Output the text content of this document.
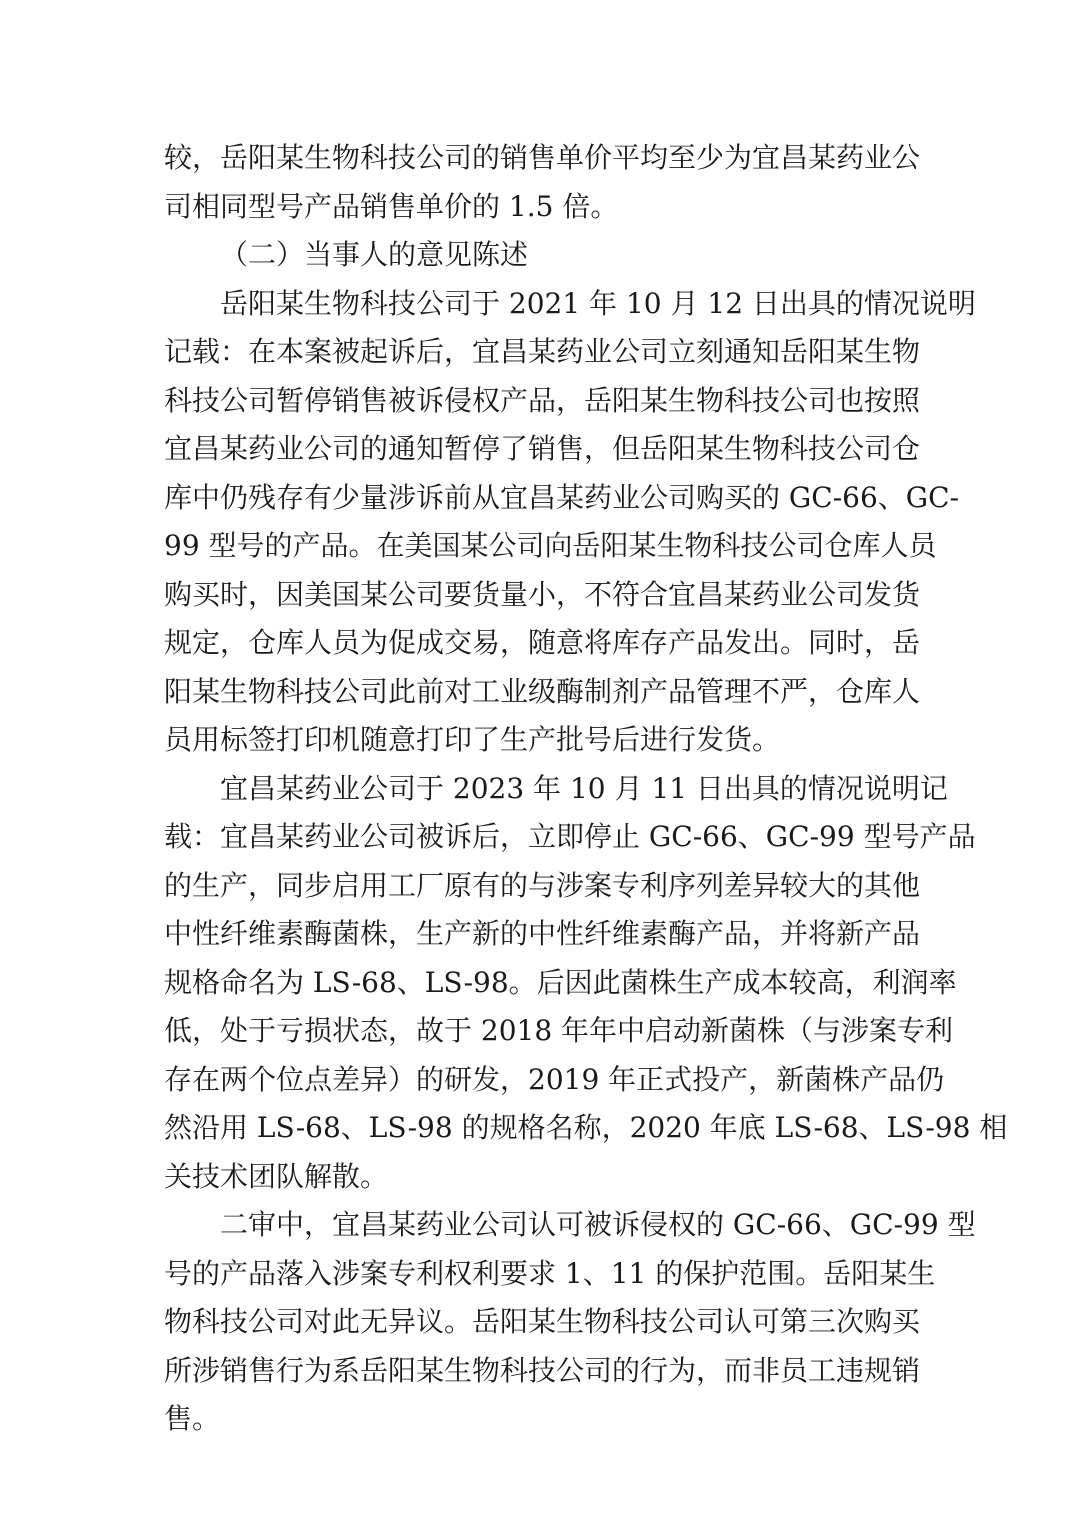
较，岳阳某生物科技公司的销售单价平均至少为宜昌某药业公
司相同型号产品销售单价的 1.5 倍。
（二）当事人的意见陈述
岳阳某生物科技公司于 2021 年 10 月 12 日出具的情况说明
记载：在本案被起诉后，宜昌某药业公司立刻通知岳阳某生物
科技公司暂停销售被诉侵权产品，岳阳某生物科技公司也按照
宜昌某药业公司的通知暂停了销售，但岳阳某生物科技公司仓
库中仍残存有少量涉诉前从宜昌某药业公司购买的 GC-66、GC-
99 型号的产品。在美国某公司向岳阳某生物科技公司仓库人员
购买时，因美国某公司要货量小，不符合宜昌某药业公司发货
规定，仓库人员为促成交易，随意将库存产品发出。同时，岳
阳某生物科技公司此前对工业级酶制剂产品管理不严，仓库人
员用标签打印机随意打印了生产批号后进行发货。
宜昌某药业公司于 2023 年 10 月 11 日出具的情况说明记
载：宜昌某药业公司被诉后，立即停止 GC-66、GC-99 型号产品
的生产，同步启用工厂原有的与涉案专利序列差异较大的其他
中性纤维素酶菌株，生产新的中性纤维素酶产品，并将新产品
规格命名为 LS-68、LS-98。后因此菌株生产成本较高，利润率
低，处于亏损状态，故于 2018 年年中启动新菌株（与涉案专利
存在两个位点差异）的研发，2019 年正式投产，新菌株产品仍
然沿用 LS-68、LS-98 的规格名称，2020 年底 LS-68、LS-98 相
关技术团队解散。
二审中，宜昌某药业公司认可被诉侵权的 GC-66、GC-99 型
号的产品落入涉案专利权利要求 1、11 的保护范围。岳阳某生
物科技公司对此无异议。岳阳某生物科技公司认可第三次购买
所涉销售行为系岳阳某生物科技公司的行为，而非员工违规销
售。
